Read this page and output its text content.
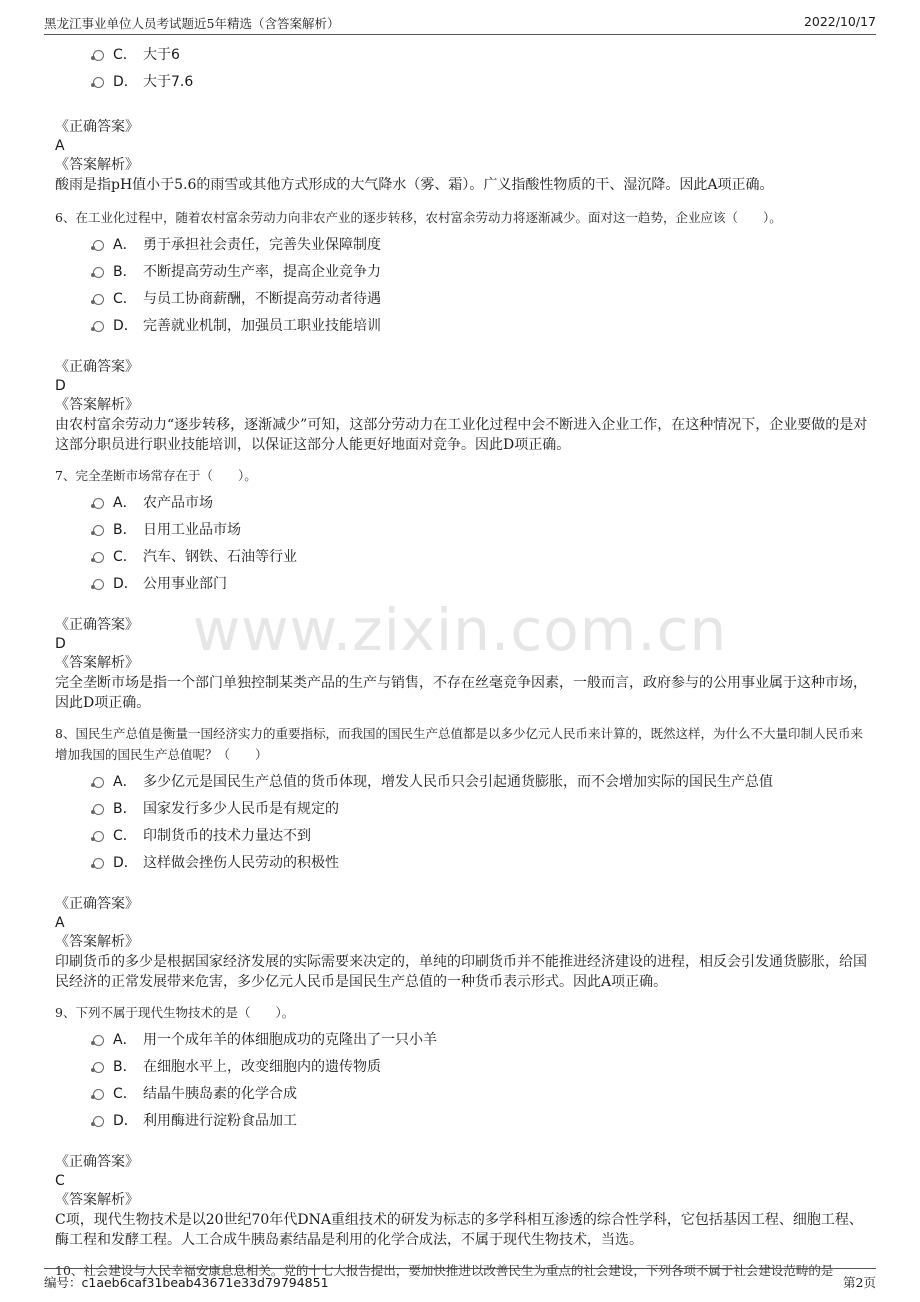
黑龙江事业单位人员考试题近5年精选（含答案解析）	2022/10/17
www.zixin.com.cn
C． 大于6
D． 大于7.6
《正确答案》
A
《答案解析》
酸雨是指pH值小于5.6的雨雪或其他方式形成的大气降水（雾、霜）。广义指酸性物质的干、湿沉降。因此A项正确。
6、在工业化过程中，随着农村富余劳动力向非农产业的逐步转移，农村富余劳动力将逐渐减少。面对这一趋势，企业应该（　　）。
A． 勇于承担社会责任，完善失业保障制度
B． 不断提高劳动生产率，提高企业竞争力
C． 与员工协商薪酬，不断提高劳动者待遇
D． 完善就业机制，加强员工职业技能培训
《正确答案》
D
《答案解析》
由农村富余劳动力“逐步转移，逐渐减少”可知，这部分劳动力在工业化过程中会不断进入企业工作，在这种情况下，企业要做的是对这部分职员进行职业技能培训，以保证这部分人能更好地面对竞争。因此D项正确。
7、完全垄断市场常存在于（　　）。
A． 农产品市场
B． 日用工业品市场
C． 汽车、钢铁、石油等行业
D． 公用事业部门
《正确答案》
D
《答案解析》
完全垄断市场是指一个部门单独控制某类产品的生产与销售，不存在丝毫竞争因素，一般而言，政府参与的公用事业属于这种市场，因此D项正确。
8、国民生产总值是衡量一国经济实力的重要指标，而我国的国民生产总值都是以多少亿元人民币来计算的，既然这样，为什么不大量印制人民币来增加我国的国民生产总值呢？（　　）
A． 多少亿元是国民生产总值的货币体现，增发人民币只会引起通货膨胀，而不会增加实际的国民生产总值
B． 国家发行多少人民币是有规定的
C． 印制货币的技术力量达不到
D． 这样做会挫伤人民劳动的积极性
《正确答案》
A
《答案解析》
印刷货币的多少是根据国家经济发展的实际需要来决定的，单纯的印刷货币并不能推进经济建设的进程，相反会引发通货膨胀，给国民经济的正常发展带来危害，多少亿元人民币是国民生产总值的一种货币表示形式。因此A项正确。
9、下列不属于现代生物技术的是（　　）。
A． 用一个成年羊的体细胞成功的克隆出了一只小羊
B． 在细胞水平上，改变细胞内的遗传物质
C． 结晶牛胰岛素的化学合成
D． 利用酶进行淀粉食品加工
《正确答案》
C
《答案解析》
C项，现代生物技术是以20世纪70年代DNA重组技术的研发为标志的多学科相互渗透的综合性学科，它包括基因工程、细胞工程、酶工程和发酵工程。人工合成牛胰岛素结晶是利用的化学合成法，不属于现代生物技术，当选。
10、社会建设与人民幸福安康息息相关。党的十七大报告提出，要加快推进以改善民生为重点的社会建设，下列各项不属于社会建设范畴的是
编号：c1aeb6caf31beab43671e33d79794851	第2页
